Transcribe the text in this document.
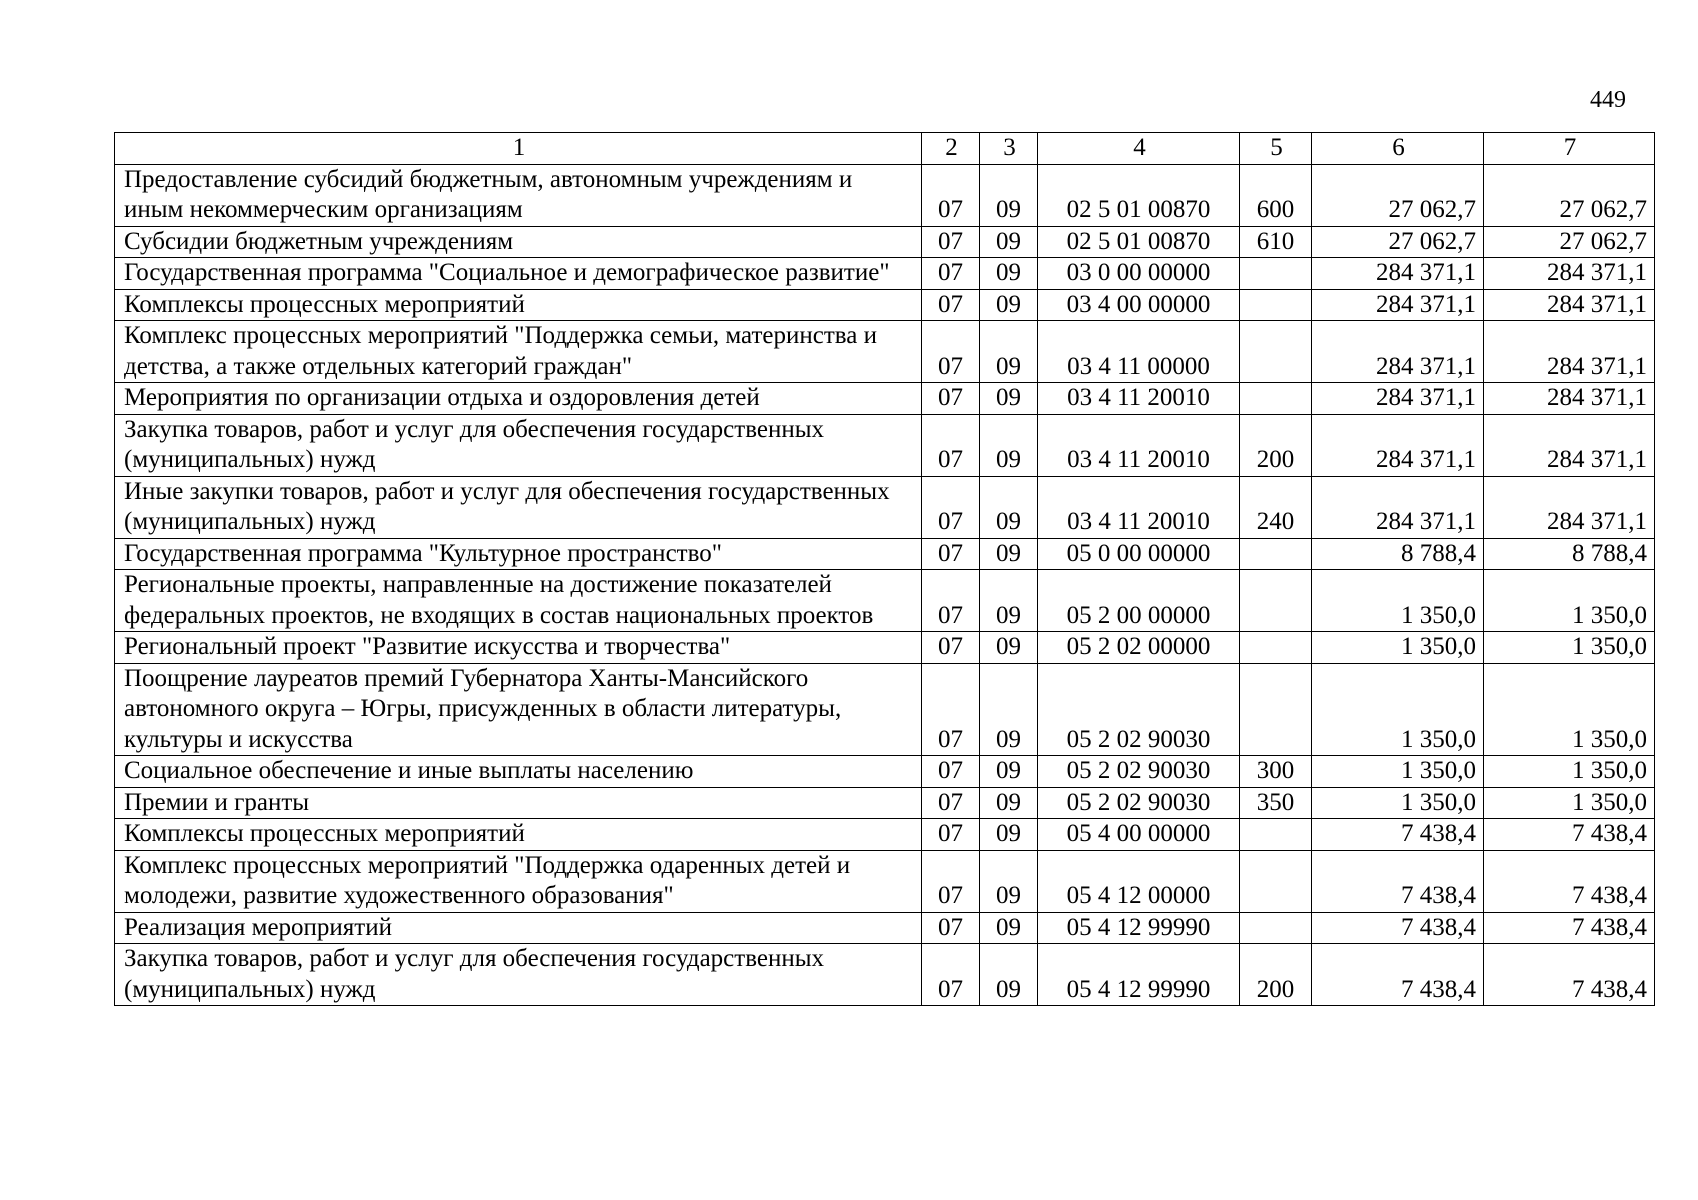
449
1	2	3	4	5	6	7
Предоставление субсидий бюджетным, автономным учреждениям и иным некоммерческим организациям	07	09	02 5 01 00870	600	27 062,7	27 062,7
Субсидии бюджетным учреждениям	07	09	02 5 01 00870	610	27 062,7	27 062,7
Государственная программа "Социальное и демографическое развитие"	07	09	03 0 00 00000		284 371,1	284 371,1
Комплексы процессных мероприятий	07	09	03 4 00 00000		284 371,1	284 371,1
Комплекс процессных мероприятий "Поддержка семьи, материнства и детства, а также отдельных категорий граждан"	07	09	03 4 11 00000		284 371,1	284 371,1
Мероприятия по организации отдыха и оздоровления детей	07	09	03 4 11 20010		284 371,1	284 371,1
Закупка товаров, работ и услуг для обеспечения государственных (муниципальных) нужд	07	09	03 4 11 20010	200	284 371,1	284 371,1
Иные закупки товаров, работ и услуг для обеспечения государственных (муниципальных) нужд	07	09	03 4 11 20010	240	284 371,1	284 371,1
Государственная программа "Культурное пространство"	07	09	05 0 00 00000		8 788,4	8 788,4
Региональные проекты, направленные на достижение показателей федеральных проектов, не входящих в состав национальных проектов	07	09	05 2 00 00000		1 350,0	1 350,0
Региональный проект "Развитие искусства и творчества"	07	09	05 2 02 00000		1 350,0	1 350,0
Поощрение лауреатов премий Губернатора Ханты-Мансийского автономного округа – Югры, присужденных в области литературы, культуры и искусства	07	09	05 2 02 90030		1 350,0	1 350,0
Социальное обеспечение и иные выплаты населению	07	09	05 2 02 90030	300	1 350,0	1 350,0
Премии и гранты	07	09	05 2 02 90030	350	1 350,0	1 350,0
Комплексы процессных мероприятий	07	09	05 4 00 00000		7 438,4	7 438,4
Комплекс процессных мероприятий "Поддержка одаренных детей и молодежи, развитие художественного образования"	07	09	05 4 12 00000		7 438,4	7 438,4
Реализация мероприятий	07	09	05 4 12 99990		7 438,4	7 438,4
Закупка товаров, работ и услуг для обеспечения государственных (муниципальных) нужд	07	09	05 4 12 99990	200	7 438,4	7 438,4
